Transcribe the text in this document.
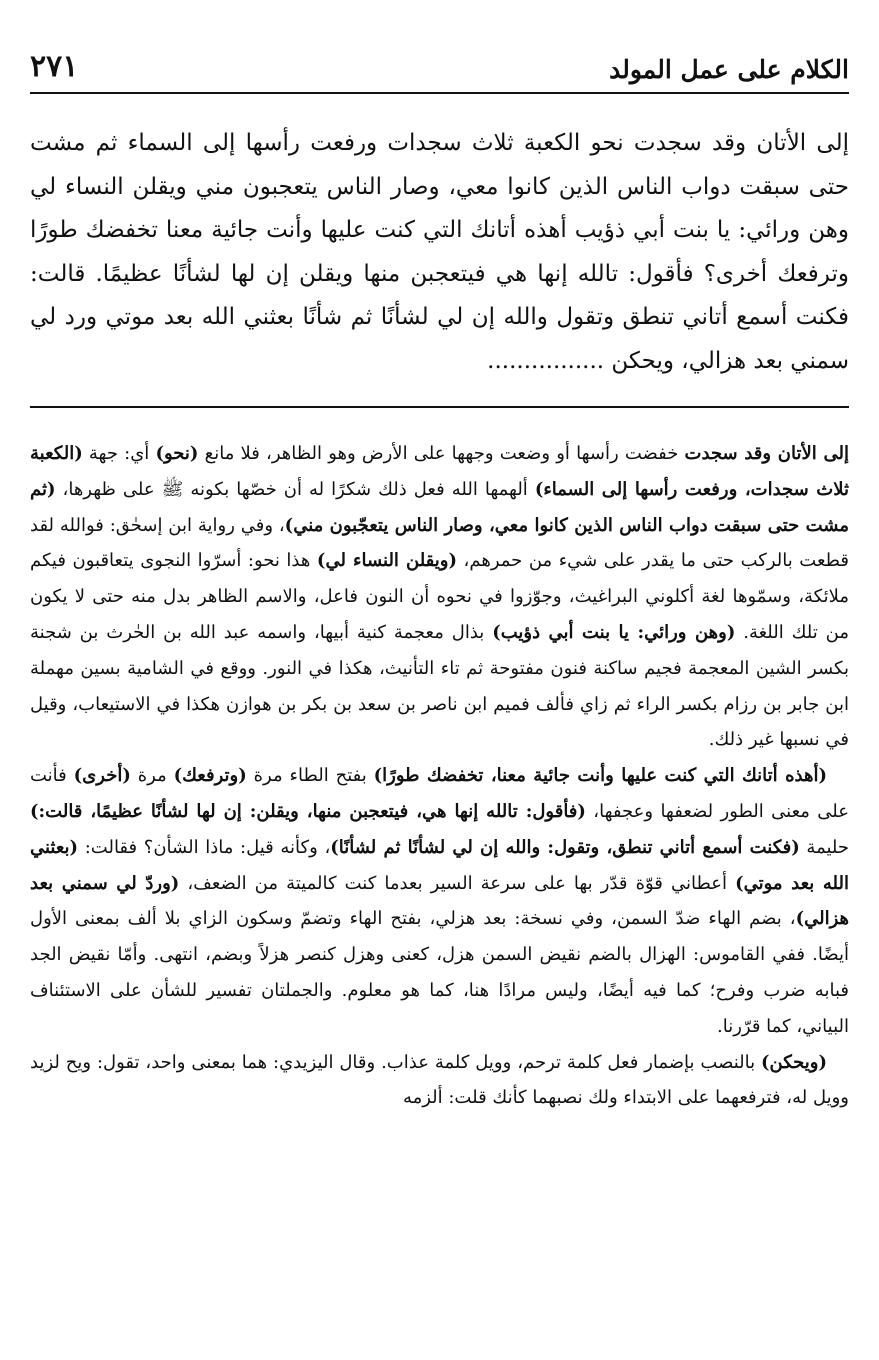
٢٧١	الكلام على عمل المولد
إلى الأتان وقد سجدت نحو الكعبة ثلاث سجدات ورفعت رأسها إلى السماء ثم مشت حتى سبقت دواب الناس الذين كانوا معي، وصار الناس يتعجبون مني ويقلن النساء لي وهن ورائي: يا بنت أبي ذؤيب أهذه أتانك التي كنت عليها وأنت جائية معنا تخفضك طورًا وترفعك أخرى؟ فأقول: تالله إنها هي فيتعجبن منها ويقلن إن لها لشأنًا عظيمًا. قالت: فكنت أسمع أتاني تنطق وتقول والله إن لي لشأنًا ثم شأنًا بعثني الله بعد موتي ورد لي سمني بعد هزالي، ويحكن ................

إلى الأتان وقد سجدت خفضت رأسها أو وضعت وجهها على الأرض وهو الظاهر، فلا مانع (نحو) أي: جهة (الكعبة ثلاث سجدات، ورفعت رأسها إلى السماء) ألهمها الله فعل ذلك شكرًا له أن خصّها بكونه ﷺ على ظهرها، (ثم مشت حتى سبقت دواب الناس الذين كانوا معي، وصار الناس يتعجّبون مني)، وفي رواية ابن إسحٰق: فوالله لقد قطعت بالركب حتى ما يقدر على شيء من حمرهم، (ويقلن النساء لي) هذا نحو: أسرّوا النجوى يتعاقبون فيكم ملائكة، وسمّوها لغة أكلوني البراغيث، وجوّزوا في نحوه أن النون فاعل، والاسم الظاهر بدل منه حتى لا يكون من تلك اللغة. (وهن ورائي: يا بنت أبي ذؤيب) بذال معجمة كنية أبيها، واسمه عبد الله بن الحٰرث بن شجنة بكسر الشين المعجمة فجيم ساكنة فنون مفتوحة ثم تاء التأنيث، هكذا في النور. ووقع في الشامية بسين مهملة ابن جابر بن رزام بكسر الراء ثم زاي فألف فميم ابن ناصر بن سعد بن بكر بن هوازن هكذا في الاستيعاب، وقيل في نسبها غير ذلك.

(أهذه أتانك التي كنت عليها وأنت جائية معنا، تخفضك طورًا) بفتح الطاء مرة (وترفعك) مرة (أخرى) فأنت على معنى الطور لضعفها وعجفها، (فأقول: تالله إنها هي، فيتعجبن منها، ويقلن: إن لها لشأنًا عظيمًا، قالت:) حليمة (فكنت أسمع أتاني تنطق، وتقول: والله إن لي لشأنًا ثم لشأنًا)، وكأنه قيل: ماذا الشأن؟ فقالت: (بعثني الله بعد موتي) أعطاني قوّة قدّر بها على سرعة السير بعدما كنت كالميتة من الضعف، (وردّ لي سمني بعد هزالي)، بضم الهاء ضدّ السمن، وفي نسخة: بعد هزلي، بفتح الهاء وتضمّ وسكون الزاي بلا ألف بمعنى الأول أيضًا. ففي القاموس: الهزال بالضم نقيض السمن هزل، كعنى وهزل كنصر هزلاً وبضم، انتهى. وأمّا نقيض الجد فبابه ضرب وفرح؛ كما فيه أيضًا، وليس مرادًا هنا، كما هو معلوم. والجملتان تفسير للشأن على الاستئناف البياني، كما قرّرنا.

(ويحكن) بالنصب بإضمار فعل كلمة ترحم، وويل كلمة عذاب. وقال اليزيدي: هما بمعنى واحد، تقول: ويح لزيد وويل له، فترفعهما على الابتداء ولك نصبهما كأنك قلت: ألزمه
